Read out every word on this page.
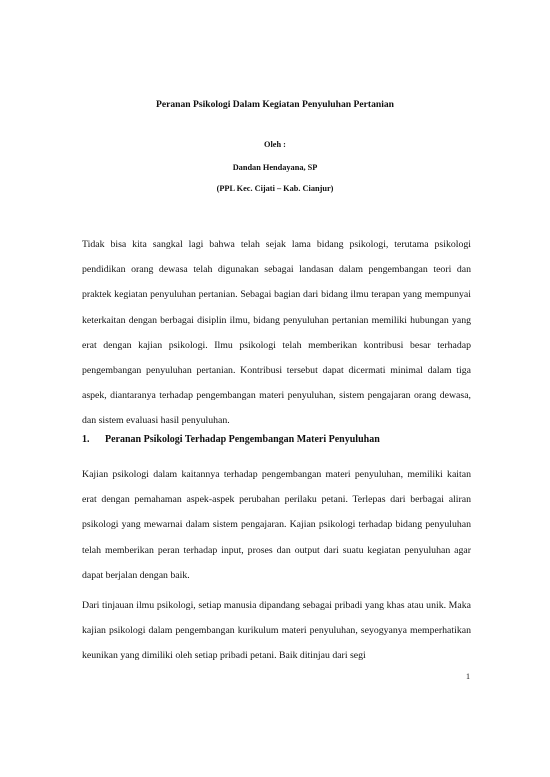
Peranan Psikologi Dalam Kegiatan Penyuluhan Pertanian
Oleh :
Dandan Hendayana, SP
(PPL Kec. Cijati – Kab. Cianjur)

Tidak bisa kita sangkal lagi bahwa telah sejak lama bidang psikologi, terutama psikologi pendidikan orang dewasa telah digunakan sebagai landasan dalam pengembangan teori dan praktek kegiatan penyuluhan pertanian. Sebagai bagian dari bidang ilmu terapan yang mempunyai keterkaitan dengan berbagai disiplin ilmu, bidang penyuluhan pertanian memiliki hubungan yang erat dengan kajian psikologi. Ilmu psikologi telah memberikan kontribusi besar terhadap pengembangan penyuluhan pertanian. Kontribusi tersebut dapat dicermati minimal dalam tiga aspek, diantaranya terhadap pengembangan materi penyuluhan, sistem pengajaran orang dewasa, dan sistem evaluasi hasil penyuluhan.

1. Peranan Psikologi Terhadap Pengembangan Materi Penyuluhan

Kajian psikologi dalam kaitannya terhadap pengembangan materi penyuluhan, memiliki kaitan erat dengan pemahaman aspek-aspek perubahan perilaku petani. Terlepas dari berbagai aliran psikologi yang mewarnai dalam sistem pengajaran. Kajian psikologi terhadap bidang penyuluhan telah memberikan peran terhadap input, proses dan output dari suatu kegiatan penyuluhan agar dapat berjalan dengan baik.

Dari tinjauan ilmu psikologi, setiap manusia dipandang sebagai pribadi yang khas atau unik. Maka kajian psikologi dalam pengembangan kurikulum materi penyuluhan, seyogyanya memperhatikan keunikan yang dimiliki oleh setiap pribadi petani. Baik ditinjau dari segi

1
